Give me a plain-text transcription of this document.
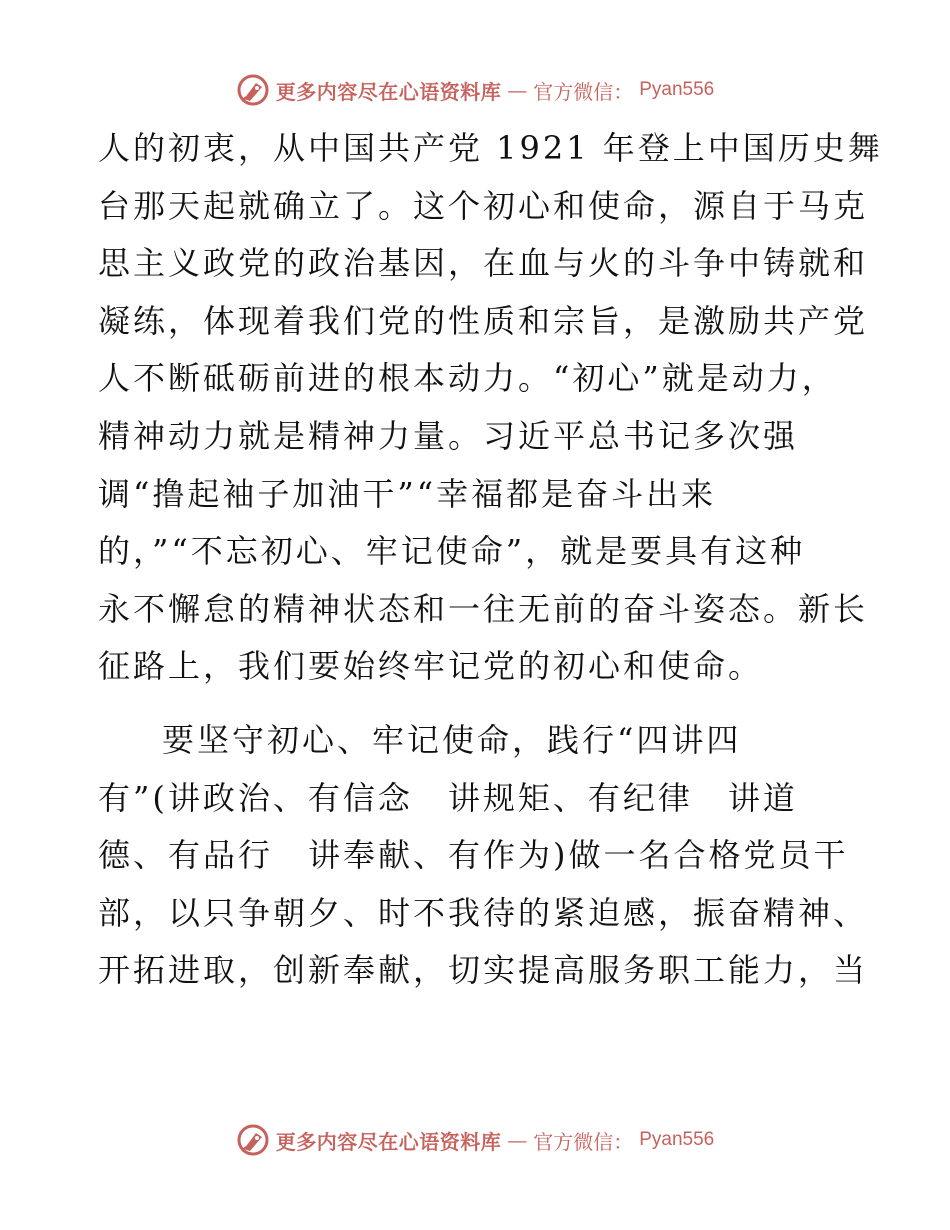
更多内容尽在心语资料库 — 官方微信： Pyan556
人的初衷，从中国共产党 1921 年登上中国历史舞
台那天起就确立了。这个初心和使命，源自于马克
思主义政党的政治基因，在血与火的斗争中铸就和
凝练，体现着我们党的性质和宗旨，是激励共产党
人不断砥砺前进的根本动力。“初心”就是动力，
精神动力就是精神力量。习近平总书记多次强
调“撸起袖子加油干”“幸福都是奋斗出来
的，”“不忘初心、牢记使命”，就是要具有这种
永不懈怠的精神状态和一往无前的奋斗姿态。新长
征路上，我们要始终牢记党的初心和使命。
要坚守初心、牢记使命，践行“四讲四
有”(讲政治、有信念　讲规矩、有纪律　讲道
德、有品行　讲奉献、有作为)做一名合格党员干
部，以只争朝夕、时不我待的紧迫感，振奋精神、
开拓进取，创新奉献，切实提高服务职工能力，当
更多内容尽在心语资料库 — 官方微信： Pyan556
